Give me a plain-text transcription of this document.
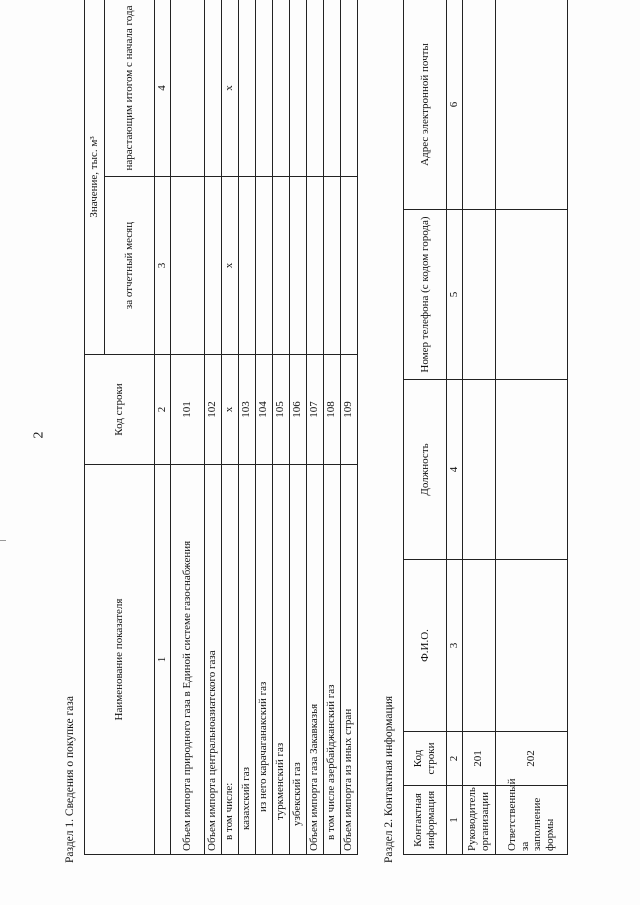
2
Раздел 1. Сведения о покупке газа
Наименование показателя	Код строки	Значение, тыс. м³	
		за отчетный месяц	нарастающим итогом с начала года
1	2	3	4
Объем импорта природного газа в Единой системе газоснабжения	101		
Объем импорта центральноазиатского газа	102		
в том числе:	x	x	x
казахский газ	103		
из него карачаганакский газ	104		
туркменский газ	105		
узбекский газ	106		
Объем импорта газа Закавказья	107		
в том числе азербайджанский газ	108		
Объем импорта из иных стран	109		
Раздел 2. Контактная информация Контактная информация	Код строки	Ф.И.О.	Должность	Номер телефона (с кодом города)	Адрес электронной почты
1	2	3	4	5	6
Руководитель организации	201				
Ответственный за заполнение формы	202				
